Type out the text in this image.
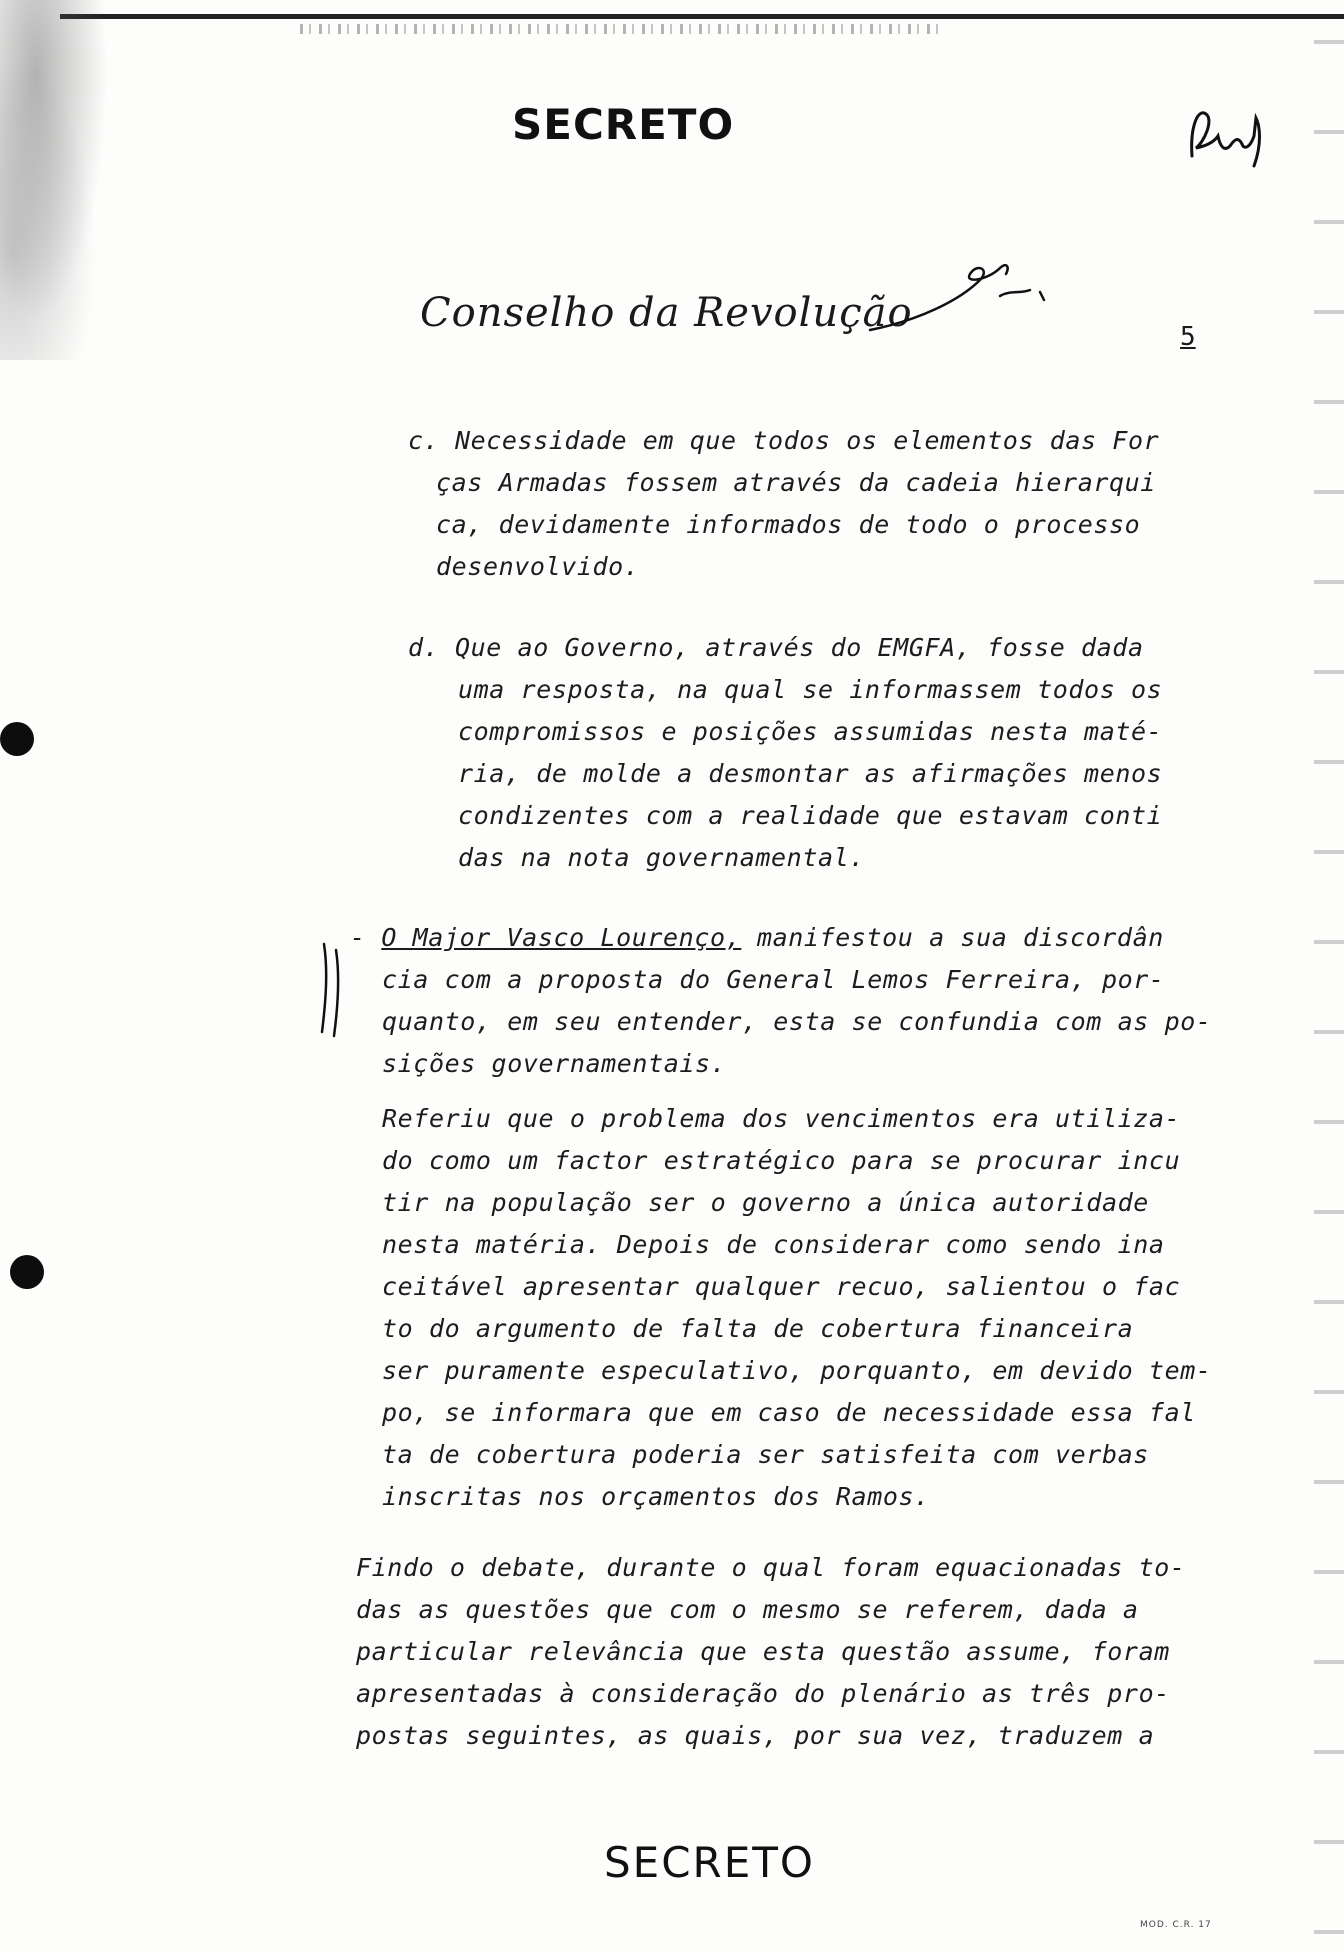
SECRETO
Conselho da Revolução
5
c. Necessidade em que todos os elementos das For
ças Armadas fossem através da cadeia hierarqui
ca, devidamente informados de todo o processo
desenvolvido.
d. Que ao Governo, através do EMGFA, fosse dada
uma resposta, na qual se informassem todos os
compromissos e posições assumidas nesta maté-
ria, de molde a desmontar as afirmações menos
condizentes com a realidade que estavam conti
das na nota governamental.
- O Major Vasco Lourenço, manifestou a sua discordân
cia com a proposta do General Lemos Ferreira, por-
quanto, em seu entender, esta se confundia com as po-
sições governamentais.
Referiu que o problema dos vencimentos era utiliza-
do como um factor estratégico para se procurar incu
tir na população ser o governo a única autoridade
nesta matéria. Depois de considerar como sendo ina
ceitável apresentar qualquer recuo, salientou o fac
to do argumento de falta de cobertura financeira
ser puramente especulativo, porquanto, em devido tem-
po, se informara que em caso de necessidade essa fal
ta de cobertura poderia ser satisfeita com verbas
inscritas nos orçamentos dos Ramos.
Findo o debate, durante o qual foram equacionadas to-
das as questões que com o mesmo se referem, dada a
particular relevância que esta questão assume, foram
apresentadas à consideração do plenário as três pro-
postas seguintes, as quais, por sua vez, traduzem a
SECRETO
MOD. C.R. 17
